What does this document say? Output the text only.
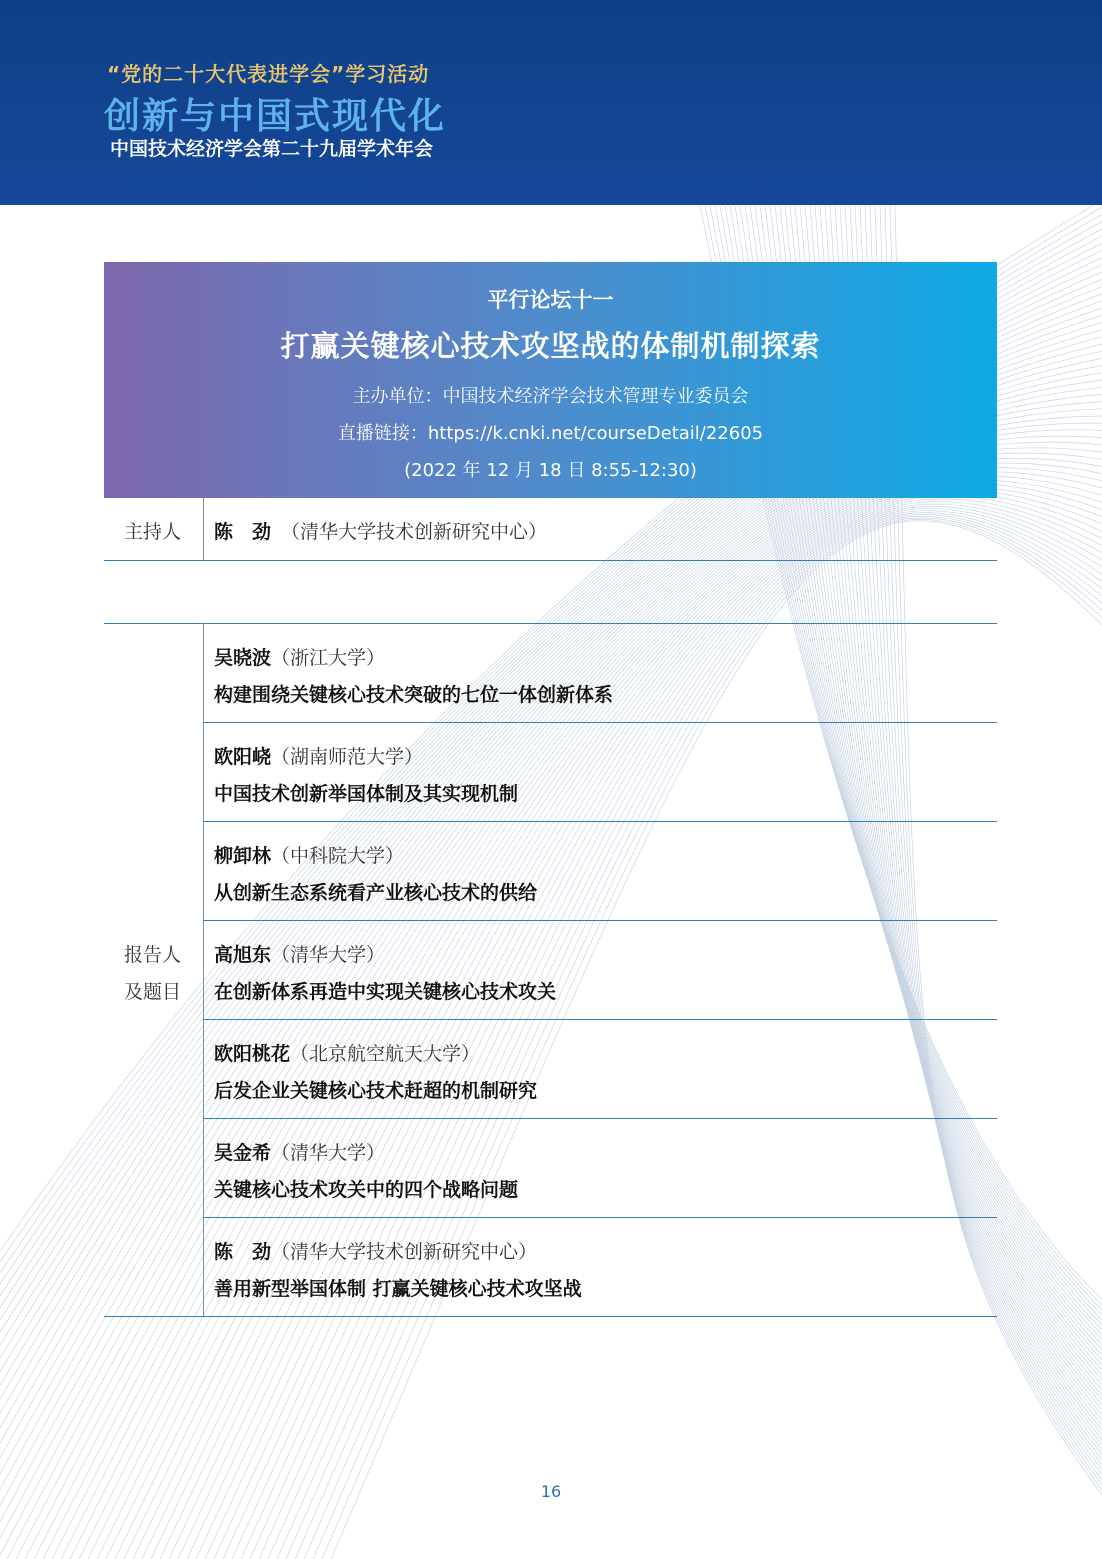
“党的二十大代表进学会”学习活动
创新与中国式现代化
中国技术经济学会第二十九届学术年会
平行论坛十一
打赢关键核心技术攻坚战的体制机制探索
主办单位：中国技术经济学会技术管理专业委员会
直播链接：https://k.cnki.net/courseDetail/22605
(2022 年 12 月 18 日 8:55-12:30)
主持人 陈　劲 （清华大学技术创新研究中心）
报告人
及题目
吴晓波（浙江大学）
构建围绕关键核心技术突破的七位一体创新体系
欧阳峣（湖南师范大学）
中国技术创新举国体制及其实现机制
柳卸林（中科院大学）
从创新生态系统看产业核心技术的供给
高旭东（清华大学）
在创新体系再造中实现关键核心技术攻关
欧阳桃花（北京航空航天大学）
后发企业关键核心技术赶超的机制研究
吴金希（清华大学）
关键核心技术攻关中的四个战略问题
陈　劲（清华大学技术创新研究中心）
善用新型举国体制 打赢关键核心技术攻坚战
16
